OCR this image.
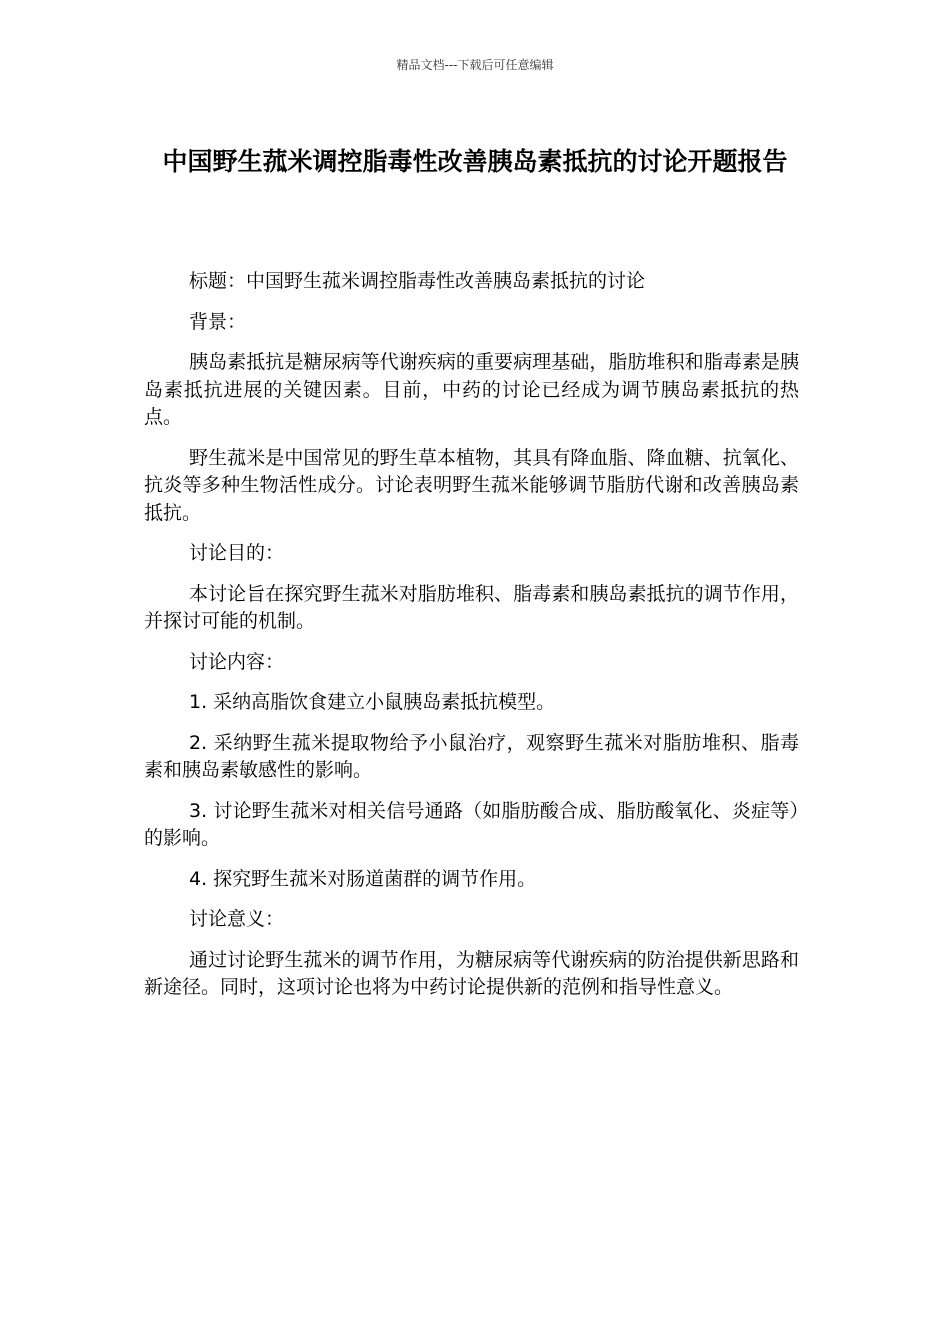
精品文档---下载后可任意编辑
中国野生菰米调控脂毒性改善胰岛素抵抗的讨论开题报告

标题：中国野生菰米调控脂毒性改善胰岛素抵抗的讨论

背景：

胰岛素抵抗是糖尿病等代谢疾病的重要病理基础，脂肪堆积和脂毒素是胰岛素抵抗进展的关键因素。目前，中药的讨论已经成为调节胰岛素抵抗的热点。

野生菰米是中国常见的野生草本植物，其具有降血脂、降血糖、抗氧化、抗炎等多种生物活性成分。讨论表明野生菰米能够调节脂肪代谢和改善胰岛素抵抗。

讨论目的：

本讨论旨在探究野生菰米对脂肪堆积、脂毒素和胰岛素抵抗的调节作用，并探讨可能的机制。

讨论内容：

1. 采纳高脂饮食建立小鼠胰岛素抵抗模型。

2. 采纳野生菰米提取物给予小鼠治疗，观察野生菰米对脂肪堆积、脂毒素和胰岛素敏感性的影响。

3. 讨论野生菰米对相关信号通路（如脂肪酸合成、脂肪酸氧化、炎症等）的影响。

4. 探究野生菰米对肠道菌群的调节作用。

讨论意义：

通过讨论野生菰米的调节作用，为糖尿病等代谢疾病的防治提供新思路和新途径。同时，这项讨论也将为中药讨论提供新的范例和指导性意义。
